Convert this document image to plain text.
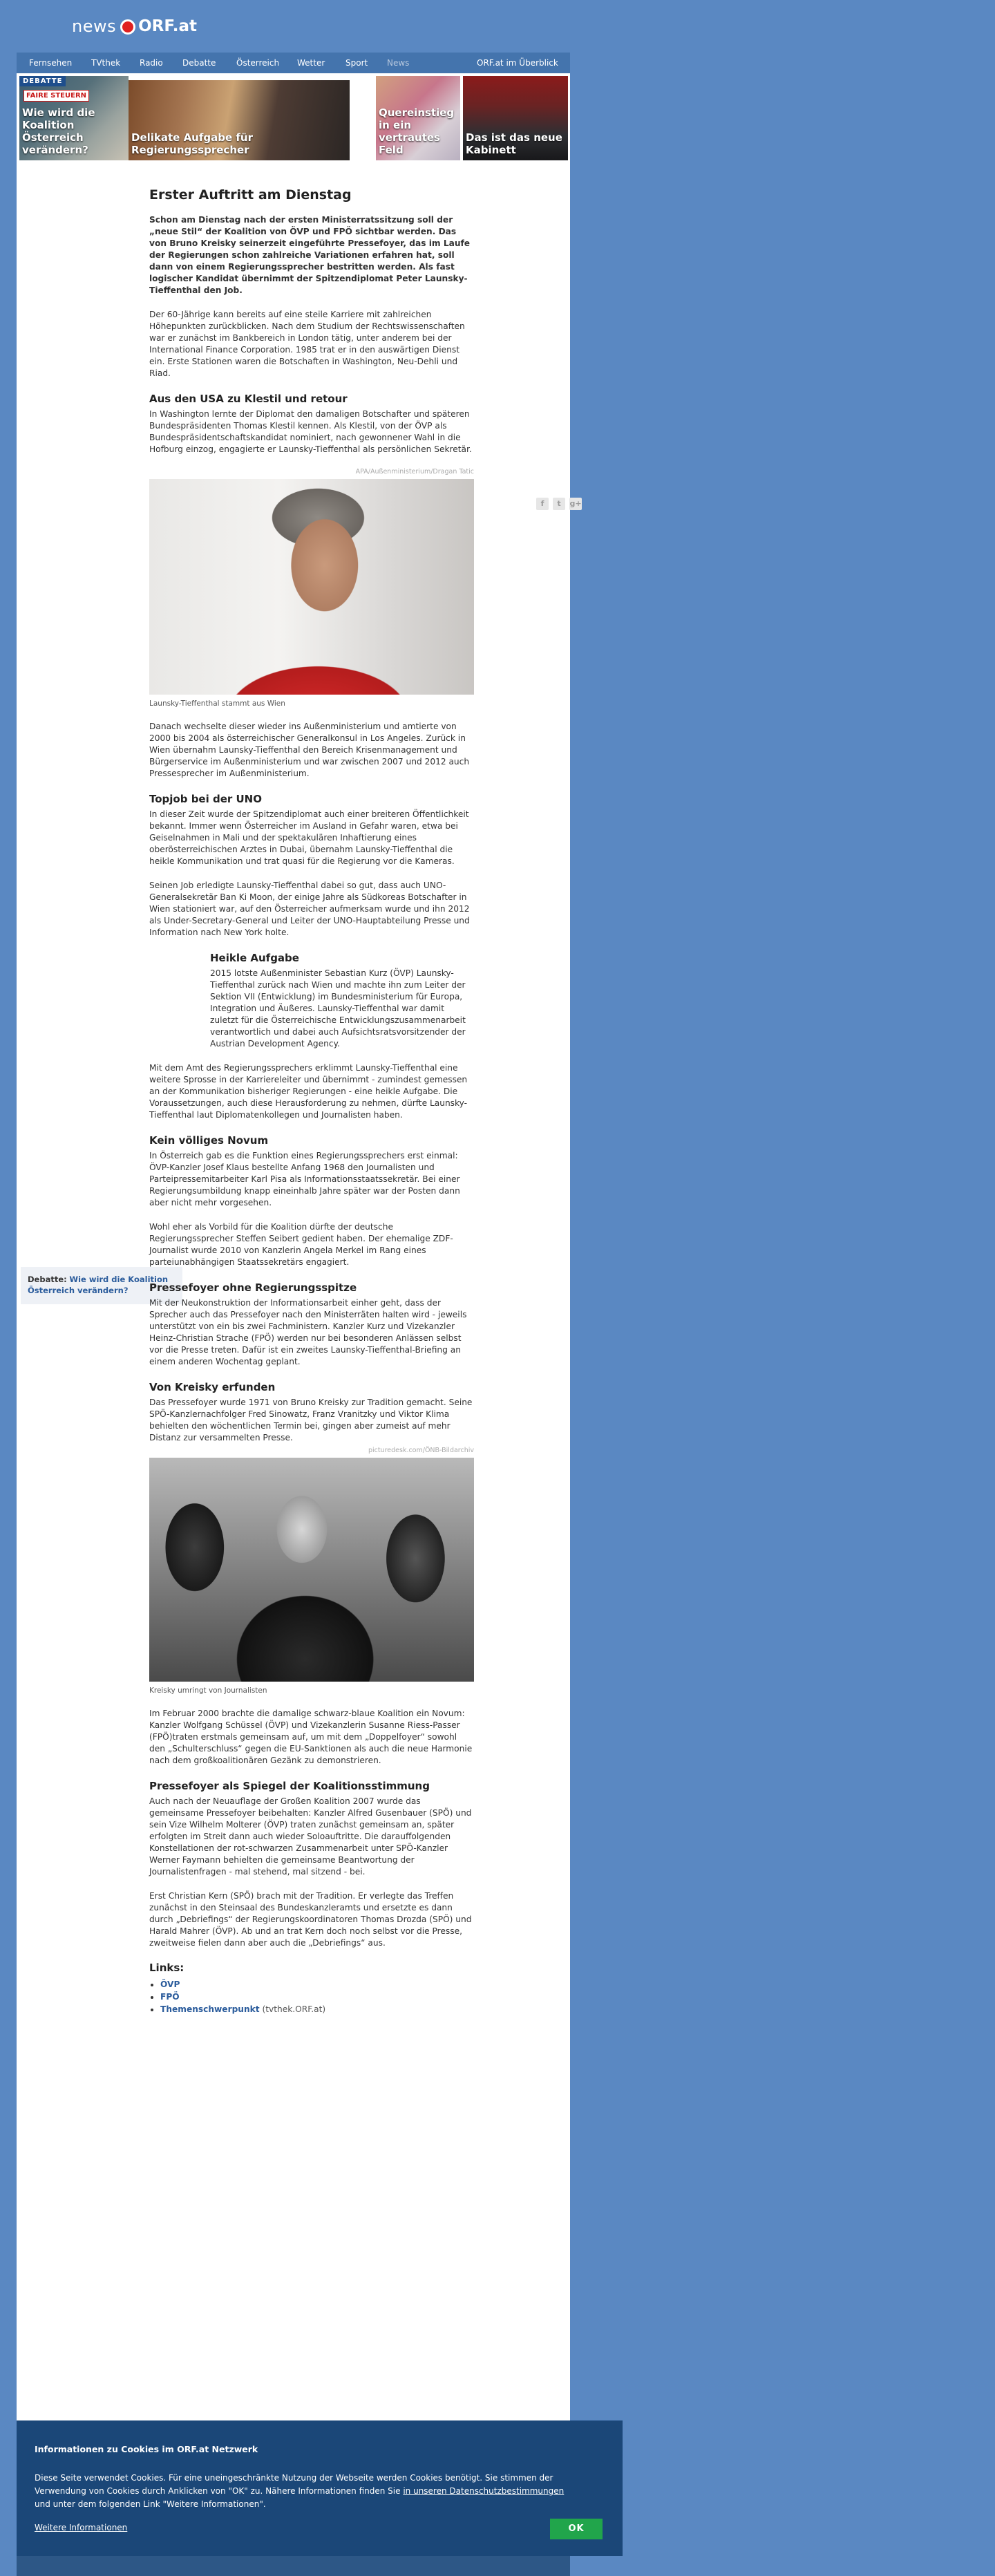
news ORF.at
Fernsehen TVthek Radio Debatte Österreich Wetter Sport News	ORF.at im Überblick
DEBATTE
FAIRE STEUERN
Wie wird die Koalition Österreich verändern?
Delikate Aufgabe für Regierungssprecher
Quereinstieg in ein vertrautes Feld
Das ist das neue Kabinett
f	t	g+
Debatte: Wie wird die Koalition Österreich verändern?
Erster Auftritt am Dienstag

Schon am Dienstag nach der ersten Ministerratssitzung soll der „neue Stil“ der Koalition von ÖVP und FPÖ sichtbar werden. Das von Bruno Kreisky seinerzeit eingeführte Pressefoyer, das im Laufe der Regierungen schon zahlreiche Variationen erfahren hat, soll dann von einem Regierungssprecher bestritten werden. Als fast logischer Kandidat übernimmt der Spitzendiplomat Peter Launsky-Tieffenthal den Job.

Der 60-Jährige kann bereits auf eine steile Karriere mit zahlreichen Höhepunkten zurückblicken. Nach dem Studium der Rechtswissenschaften war er zunächst im Bankbereich in London tätig, unter anderem bei der International Finance Corporation. 1985 trat er in den auswärtigen Dienst ein. Erste Stationen waren die Botschaften in Washington, Neu-Dehli und Riad.

Aus den USA zu Klestil und retour

In Washington lernte der Diplomat den damaligen Botschafter und späteren Bundespräsidenten Thomas Klestil kennen. Als Klestil, von der ÖVP als Bundespräsidentschaftskandidat nominiert, nach gewonnener Wahl in die Hofburg einzog, engagierte er Launsky-Tieffenthal als persönlichen Sekretär.

APA/Außenministerium/Dragan Tatic
Launsky-Tieffenthal stammt aus Wien

Danach wechselte dieser wieder ins Außenministerium und amtierte von 2000 bis 2004 als österreichischer Generalkonsul in Los Angeles. Zurück in Wien übernahm Launsky-Tieffenthal den Bereich Krisenmanagement und Bürgerservice im Außenministerium und war zwischen 2007 und 2012 auch Pressesprecher im Außenministerium.

Topjob bei der UNO

In dieser Zeit wurde der Spitzendiplomat auch einer breiteren Öffentlichkeit bekannt. Immer wenn Österreicher im Ausland in Gefahr waren, etwa bei Geiselnahmen in Mali und der spektakulären Inhaftierung eines oberösterreichischen Arztes in Dubai, übernahm Launsky-Tieffenthal die heikle Kommunikation und trat quasi für die Regierung vor die Kameras.

Seinen Job erledigte Launsky-Tieffenthal dabei so gut, dass auch UNO-Generalsekretär Ban Ki Moon, der einige Jahre als Südkoreas Botschafter in Wien stationiert war, auf den Österreicher aufmerksam wurde und ihn 2012 als Under-Secretary-General und Leiter der UNO-Hauptabteilung Presse und Information nach New York holte.

Heikle Aufgabe

2015 lotste Außenminister Sebastian Kurz (ÖVP) Launsky-Tieffenthal zurück nach Wien und machte ihn zum Leiter der Sektion VII (Entwicklung) im Bundesministerium für Europa, Integration und Äußeres. Launsky-Tieffenthal war damit zuletzt für die Österreichische Entwicklungszusammenarbeit verantwortlich und dabei auch Aufsichtsratsvorsitzender der Austrian Development Agency.

Mit dem Amt des Regierungssprechers erklimmt Launsky-Tieffenthal eine weitere Sprosse in der Karriereleiter und übernimmt - zumindest gemessen an der Kommunikation bisheriger Regierungen - eine heikle Aufgabe. Die Voraussetzungen, auch diese Herausforderung zu nehmen, dürfte Launsky-Tieffenthal laut Diplomatenkollegen und Journalisten haben.

Kein völliges Novum

In Österreich gab es die Funktion eines Regierungssprechers erst einmal: ÖVP-Kanzler Josef Klaus bestellte Anfang 1968 den Journalisten und Parteipressemitarbeiter Karl Pisa als Informationsstaatssekretär. Bei einer Regierungsumbildung knapp eineinhalb Jahre später war der Posten dann aber nicht mehr vorgesehen.

Wohl eher als Vorbild für die Koalition dürfte der deutsche Regierungssprecher Steffen Seibert gedient haben. Der ehemalige ZDF-Journalist wurde 2010 von Kanzlerin Angela Merkel im Rang eines parteiunabhängigen Staatssekretärs engagiert.

Pressefoyer ohne Regierungsspitze

Mit der Neukonstruktion der Informationsarbeit einher geht, dass der Sprecher auch das Pressefoyer nach den Ministerräten halten wird - jeweils unterstützt von ein bis zwei Fachministern. Kanzler Kurz und Vizekanzler Heinz-Christian Strache (FPÖ) werden nur bei besonderen Anlässen selbst vor die Presse treten. Dafür ist ein zweites Launsky-Tieffenthal-Briefing an einem anderen Wochentag geplant.

Von Kreisky erfunden

Das Pressefoyer wurde 1971 von Bruno Kreisky zur Tradition gemacht. Seine SPÖ-Kanzlernachfolger Fred Sinowatz, Franz Vranitzky und Viktor Klima behielten den wöchentlichen Termin bei, gingen aber zumeist auf mehr Distanz zur versammelten Presse.

picturedesk.com/ÖNB-Bildarchiv
Kreisky umringt von Journalisten

Im Februar 2000 brachte die damalige schwarz-blaue Koalition ein Novum: Kanzler Wolfgang Schüssel (ÖVP) und Vizekanzlerin Susanne Riess-Passer (FPÖ)traten erstmals gemeinsam auf, um mit dem „Doppelfoyer“ sowohl den „Schulterschluss“ gegen die EU-Sanktionen als auch die neue Harmonie nach dem großkoalitionären Gezänk zu demonstrieren.

Pressefoyer als Spiegel der Koalitionsstimmung

Auch nach der Neuauflage der Großen Koalition 2007 wurde das gemeinsame Pressefoyer beibehalten: Kanzler Alfred Gusenbauer (SPÖ) und sein Vize Wilhelm Molterer (ÖVP) traten zunächst gemeinsam an, später erfolgten im Streit dann auch wieder Soloauftritte. Die darauffolgenden Konstellationen der rot-schwarzen Zusammenarbeit unter SPÖ-Kanzler Werner Faymann behielten die gemeinsame Beantwortung der Journalistenfragen - mal stehend, mal sitzend - bei.

Erst Christian Kern (SPÖ) brach mit der Tradition. Er verlegte das Treffen zunächst in den Steinsaal des Bundeskanzleramts und ersetzte es dann durch „Debriefings“ der Regierungskoordinatoren Thomas Drozda (SPÖ) und Harald Mahrer (ÖVP). Ab und an trat Kern doch noch selbst vor die Presse, zweitweise fielen dann aber auch die „Debriefings“ aus.

Links:
• ÖVP
• FPÖ
• Themenschwerpunkt (tvthek.ORF.at)
Informationen zu Cookies im ORF.at Netzwerk
Diese Seite verwendet Cookies. Für eine uneingeschränkte Nutzung der Webseite werden Cookies benötigt. Sie stimmen der Verwendung von Cookies durch Anklicken von "OK" zu. Nähere Informationen finden Sie in unseren Datenschutzbestimmungen und unter dem folgenden Link "Weitere Informationen".
Weitere Informationen	OK
